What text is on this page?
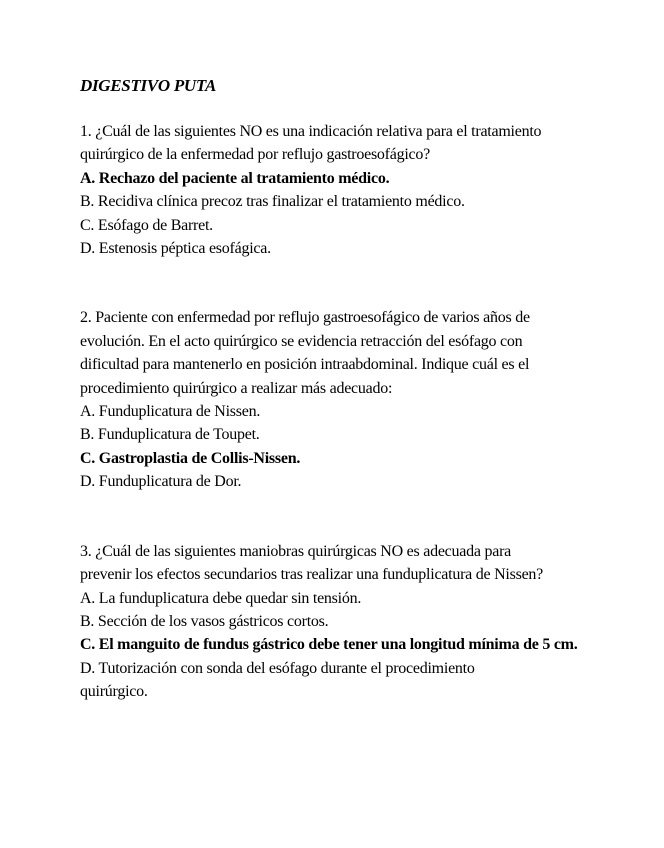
DIGESTIVO PUTA

1. ¿Cuál de las siguientes NO es una indicación relativa para el tratamiento quirúrgico de la enfermedad por reflujo gastroesofágico?

A. Rechazo del paciente al tratamiento médico.

B. Recidiva clínica precoz tras finalizar el tratamiento médico.

C. Esófago de Barret.

D. Estenosis péptica esofágica.

2. Paciente con enfermedad por reflujo gastroesofágico de varios años de evolución. En el acto quirúrgico se evidencia retracción del esófago con dificultad para mantenerlo en posición intraabdominal. Indique cuál es el procedimiento quirúrgico a realizar más adecuado:

A. Funduplicatura de Nissen.

B. Funduplicatura de Toupet.

C. Gastroplastia de Collis-Nissen.

D. Funduplicatura de Dor.

3. ¿Cuál de las siguientes maniobras quirúrgicas NO es adecuada para prevenir los efectos secundarios tras realizar una funduplicatura de Nissen?

A. La funduplicatura debe quedar sin tensión.

B. Sección de los vasos gástricos cortos.

C. El manguito de fundus gástrico debe tener una longitud mínima de 5 cm.

D. Tutorización con sonda del esófago durante el procedimiento quirúrgico.
